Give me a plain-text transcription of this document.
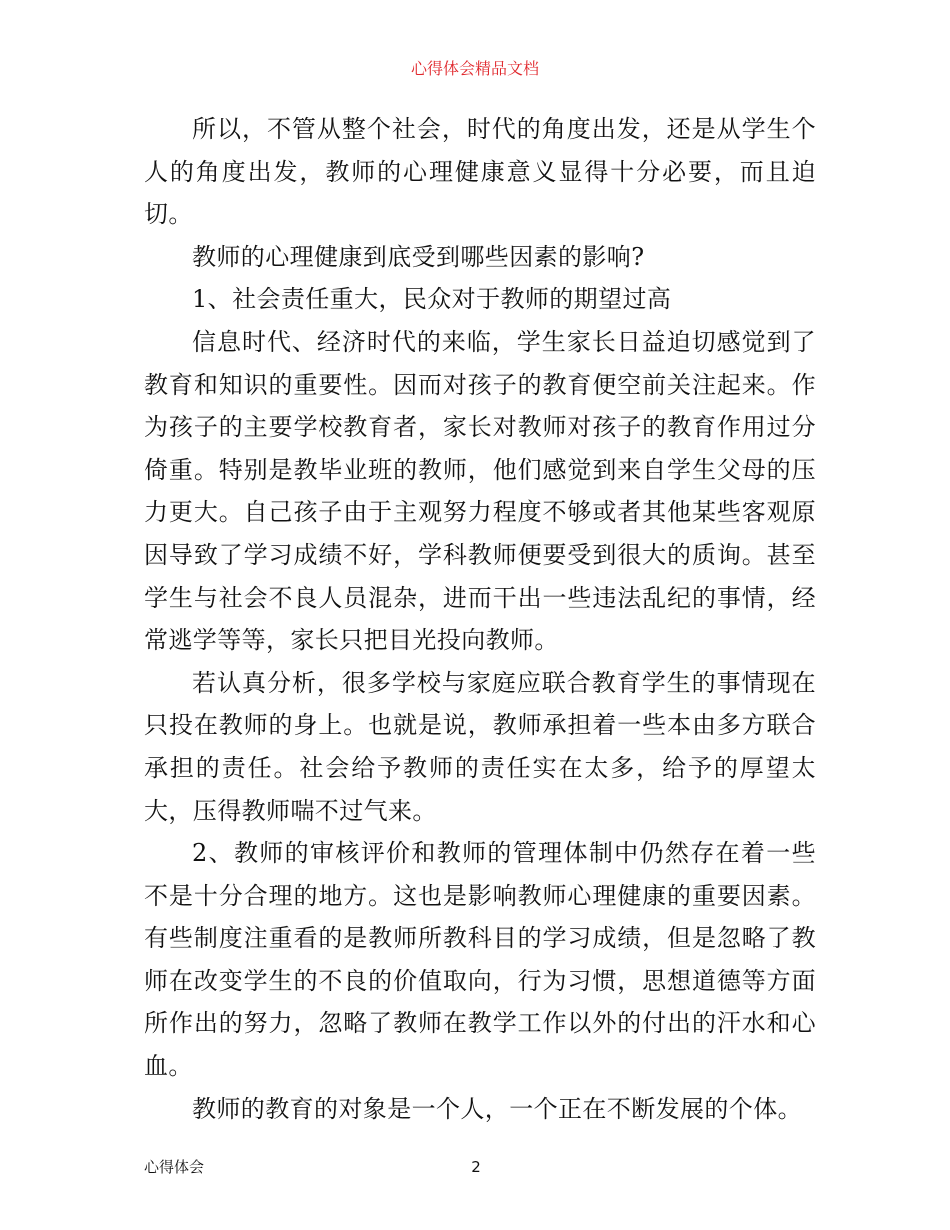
心得体会精品文档

所以，不管从整个社会，时代的角度出发，还是从学生个人的角度出发，教师的心理健康意义显得十分必要，而且迫切。

教师的心理健康到底受到哪些因素的影响?

1、社会责任重大，民众对于教师的期望过高

信息时代、经济时代的来临，学生家长日益迫切感觉到了教育和知识的重要性。因而对孩子的教育便空前关注起来。作为孩子的主要学校教育者，家长对教师对孩子的教育作用过分倚重。特别是教毕业班的教师，他们感觉到来自学生父母的压力更大。自己孩子由于主观努力程度不够或者其他某些客观原因导致了学习成绩不好，学科教师便要受到很大的质询。甚至学生与社会不良人员混杂，进而干出一些违法乱纪的事情，经常逃学等等，家长只把目光投向教师。

若认真分析，很多学校与家庭应联合教育学生的事情现在只投在教师的身上。也就是说，教师承担着一些本由多方联合承担的责任。社会给予教师的责任实在太多，给予的厚望太大，压得教师喘不过气来。

2、教师的审核评价和教师的管理体制中仍然存在着一些不是十分合理的地方。这也是影响教师心理健康的重要因素。有些制度注重看的是教师所教科目的学习成绩，但是忽略了教师在改变学生的不良的价值取向，行为习惯，思想道德等方面所作出的努力，忽略了教师在教学工作以外的付出的汗水和心血。

教师的教育的对象是一个人，一个正在不断发展的个体。

心得体会	2
